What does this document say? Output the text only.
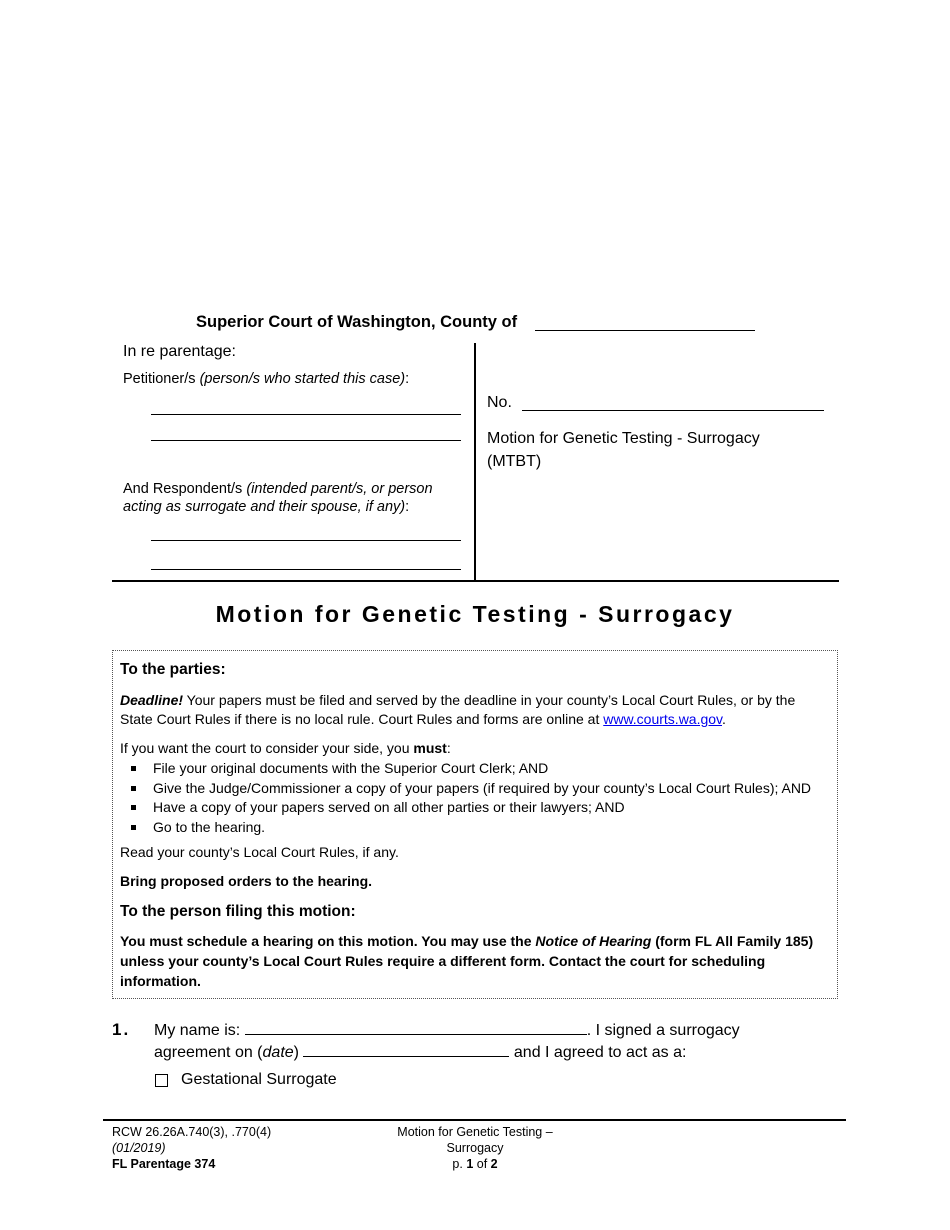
Superior Court of Washington, County of
In re parentage:
Petitioner/s (person/s who started this case):
And Respondent/s (intended parent/s, or person acting as surrogate and their spouse, if any):
No.
Motion for Genetic Testing - Surrogacy
(MTBT)
Motion for Genetic Testing - Surrogacy
To the parties:
Deadline! Your papers must be filed and served by the deadline in your county’s Local Court Rules, or by the State Court Rules if there is no local rule. Court Rules and forms are online at www.courts.wa.gov.
If you want the court to consider your side, you must:
File your original documents with the Superior Court Clerk; AND
Give the Judge/Commissioner a copy of your papers (if required by your county’s Local Court Rules); AND
Have a copy of your papers served on all other parties or their lawyers; AND
Go to the hearing.
Read your county’s Local Court Rules, if any.
Bring proposed orders to the hearing.
To the person filing this motion:
You must schedule a hearing on this motion. You may use the Notice of Hearing (form FL All Family 185) unless your county’s Local Court Rules require a different form. Contact the court for scheduling information.
1. My name is:	. I signed a surrogacy
agreement on (date)	and I agreed to act as a:
Gestational Surrogate
RCW 26.26A.740(3), .770(4)
(01/2019)
FL Parentage 374
Motion for Genetic Testing –
Surrogacy
p. 1 of 2
